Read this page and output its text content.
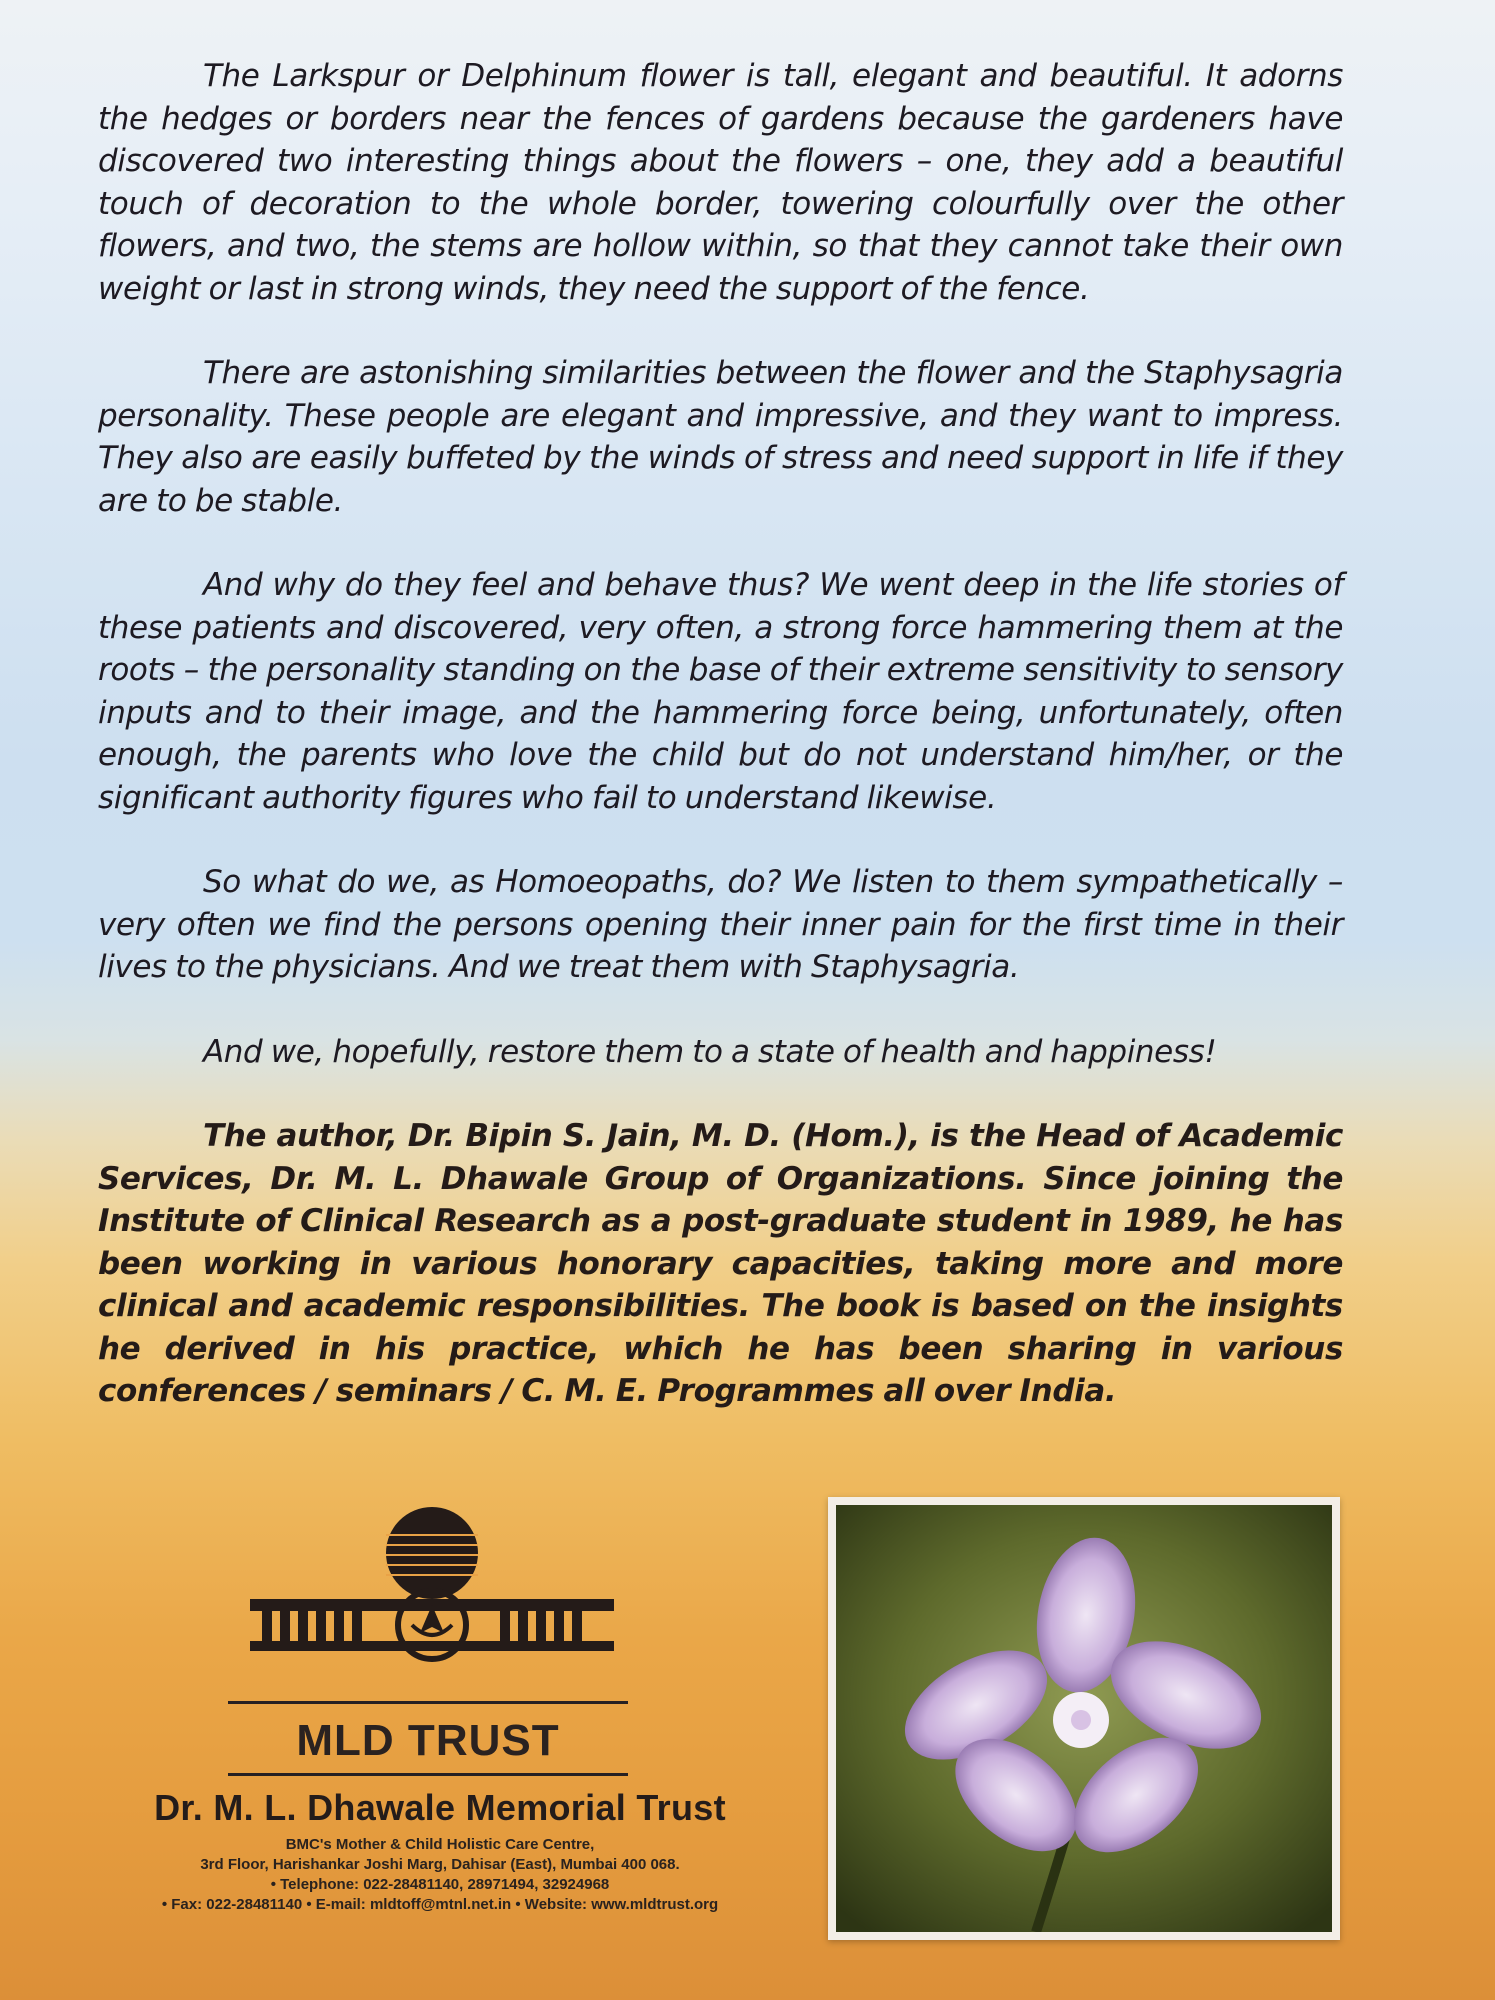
The Larkspur or Delphinum flower is tall, elegant and beautiful. It adorns the hedges or borders near the fences of gardens because the gardeners have discovered two interesting things about the flowers – one, they add a beautiful touch of decoration to the whole border, towering colourfully over the other flowers, and two, the stems are hollow within, so that they cannot take their own weight or last in strong winds, they need the support of the fence.

There are astonishing similarities between the flower and the Staphysagria personality. These people are elegant and impressive, and they want to impress. They also are easily buffeted by the winds of stress and need support in life if they are to be stable.

And why do they feel and behave thus? We went deep in the life stories of these patients and discovered, very often, a strong force hammering them at the roots – the personality standing on the base of their extreme sensitivity to sensory inputs and to their image, and the hammering force being, unfortunately, often enough, the parents who love the child but do not understand him/her, or the significant authority figures who fail to understand likewise.

So what do we, as Homoeopaths, do? We listen to them sympathetically – very often we find the persons opening their inner pain for the first time in their lives to the physicians. And we treat them with Staphysagria.

And we, hopefully, restore them to a state of health and happiness!

The author, Dr. Bipin S. Jain, M. D. (Hom.), is the Head of Academic Services, Dr. M. L. Dhawale Group of Organizations. Since joining the Institute of Clinical Research as a post-graduate student in 1989, he has been working in various honorary capacities, taking more and more clinical and academic responsibilities. The book is based on the insights he derived in his practice, which he has been sharing in various conferences / seminars / C. M. E. Programmes all over India.

MLD TRUST
Dr. M. L. Dhawale Memorial Trust
BMC's Mother & Child Holistic Care Centre,
3rd Floor, Harishankar Joshi Marg, Dahisar (East), Mumbai 400 068.
• Telephone: 022-28481140, 28971494, 32924968
• Fax: 022-28481140 • E-mail: mldtoff@mtnl.net.in • Website: www.mldtrust.org
